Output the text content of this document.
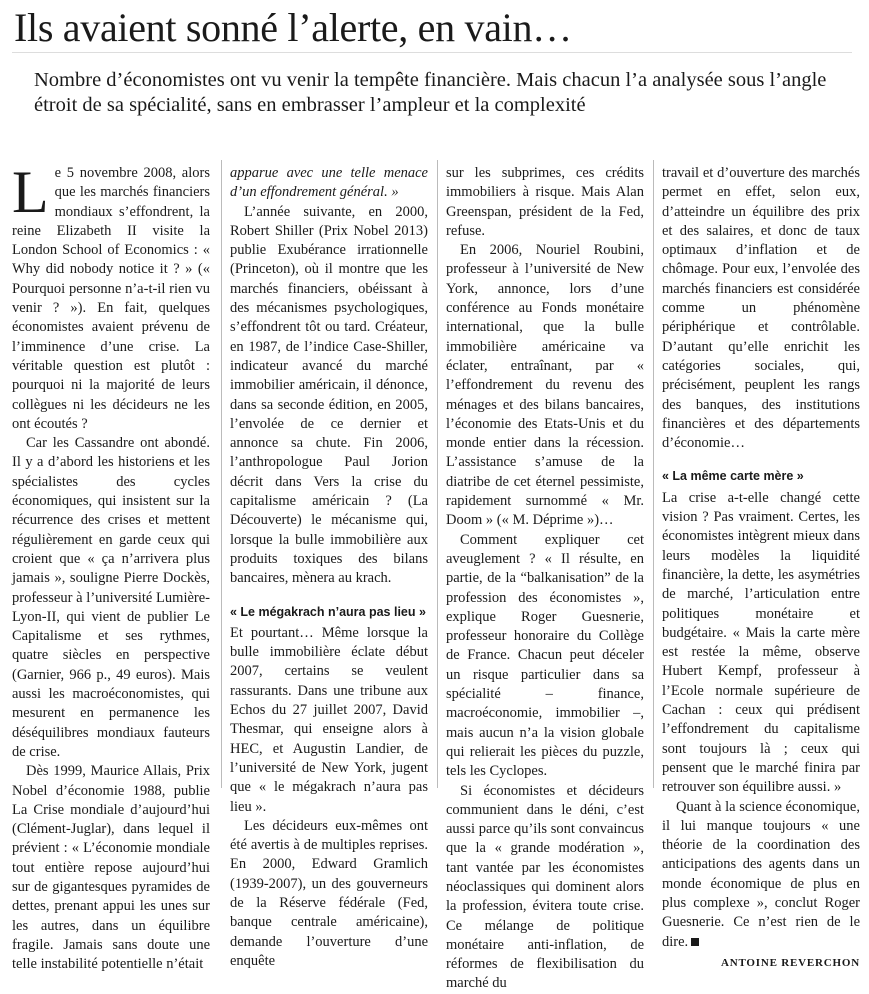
Ils avaient sonné l’alerte, en vain…

Nombre d’économistes ont vu venir la tempête financière. Mais chacun l’a analysée sous l’angle étroit de sa spécialité, sans en embrasser l’ampleur et la complexité

Le 5 novembre 2008, alors que les marchés financiers mondiaux s’effondrent, la reine Elizabeth II visite la London School of Economics : « Why did nobody notice it ? » (« Pourquoi personne n’a-t-il rien vu venir ? »). En fait, quelques économistes avaient prévenu de l’imminence d’une crise. La véritable question est plutôt : pourquoi ni la majorité de leurs collègues ni les décideurs ne les ont écoutés ?

Car les Cassandre ont abondé. Il y a d’abord les historiens et les spécialistes des cycles économiques, qui insistent sur la récurrence des crises et mettent régulièrement en garde ceux qui croient que « ça n’arrivera plus jamais », souligne Pierre Dockès, professeur à l’université Lumière-Lyon-II, qui vient de publier Le Capitalisme et ses rythmes, quatre siècles en perspective (Garnier, 966 p., 49 euros). Mais aussi les macroéconomistes, qui mesurent en permanence les déséquilibres mondiaux fauteurs de crise.

Dès 1999, Maurice Allais, Prix Nobel d’économie 1988, publie La Crise mondiale d’aujourd’hui (Clément-Juglar), dans lequel il prévient : « L’économie mondiale tout entière repose aujourd’hui sur de gigantesques pyramides de dettes, prenant appui les unes sur les autres, dans un équilibre fragile. Jamais sans doute une telle instabilité potentielle n’était

apparue avec une telle menace d’un effondrement général. »

L’année suivante, en 2000, Robert Shiller (Prix Nobel 2013) publie Exubérance irrationnelle (Princeton), où il montre que les marchés financiers, obéissant à des mécanismes psychologiques, s’effondrent tôt ou tard. Créateur, en 1987, de l’indice Case-Shiller, indicateur avancé du marché immobilier américain, il dénonce, dans sa seconde édition, en 2005, l’envolée de ce dernier et annonce sa chute. Fin 2006, l’anthropologue Paul Jorion décrit dans Vers la crise du capitalisme américain ? (La Découverte) le mécanisme qui, lorsque la bulle immobilière aux produits toxiques des bilans bancaires, mènera au krach.

« Le mégakrach n’aura pas lieu »

Et pourtant… Même lorsque la bulle immobilière éclate début 2007, certains se veulent rassurants. Dans une tribune aux Echos du 27 juillet 2007, David Thesmar, qui enseigne alors à HEC, et Augustin Landier, de l’université de New York, jugent que « le mégakrach n’aura pas lieu ».

Les décideurs eux-mêmes ont été avertis à de multiples reprises. En 2000, Edward Gramlich (1939-2007), un des gouverneurs de la Réserve fédérale (Fed, banque centrale américaine), demande l’ouverture d’une enquête

sur les subprimes, ces crédits immobiliers à risque. Mais Alan Greenspan, président de la Fed, refuse.

En 2006, Nouriel Roubini, professeur à l’université de New York, annonce, lors d’une conférence au Fonds monétaire international, que la bulle immobilière américaine va éclater, entraînant, par « l’effondrement du revenu des ménages et des bilans bancaires, l’économie des Etats-Unis et du monde entier dans la récession. L’assistance s’amuse de la diatribe de cet éternel pessimiste, rapidement surnommé « Mr. Doom » (« M. Déprime »)…

Comment expliquer cet aveuglement ? « Il résulte, en partie, de la “balkanisation” de la profession des économistes », explique Roger Guesnerie, professeur honoraire du Collège de France. Chacun peut déceler un risque particulier dans sa spécialité – finance, macroéconomie, immobilier –, mais aucun n’a la vision globale qui relierait les pièces du puzzle, tels les Cyclopes.

Si économistes et décideurs communient dans le déni, c’est aussi parce qu’ils sont convaincus que la « grande modération », tant vantée par les économistes néoclassiques qui dominent alors la profession, évitera toute crise. Ce mélange de politique monétaire anti-inflation, de réformes de flexibilisation du marché du

travail et d’ouverture des marchés permet en effet, selon eux, d’atteindre un équilibre des prix et des salaires, et donc de taux optimaux d’inflation et de chômage. Pour eux, l’envolée des marchés financiers est considérée comme un phénomène périphérique et contrôlable. D’autant qu’elle enrichit les catégories sociales, qui, précisément, peuplent les rangs des banques, des institutions financières et des départements d’économie…

« La même carte mère »

La crise a-t-elle changé cette vision ? Pas vraiment. Certes, les économistes intègrent mieux dans leurs modèles la liquidité financière, la dette, les asymétries de marché, l’articulation entre politiques monétaire et budgétaire. « Mais la carte mère est restée la même, observe Hubert Kempf, professeur à l’Ecole normale supérieure de Cachan : ceux qui prédisent l’effondrement du capitalisme sont toujours là ; ceux qui pensent que le marché finira par retrouver son équilibre aussi. »

Quant à la science économique, il lui manque toujours « une théorie de la coordination des anticipations des agents dans un monde économique de plus en plus complexe », conclut Roger Guesnerie. Ce n’est rien de le dire.

ANTOINE REVERCHON
